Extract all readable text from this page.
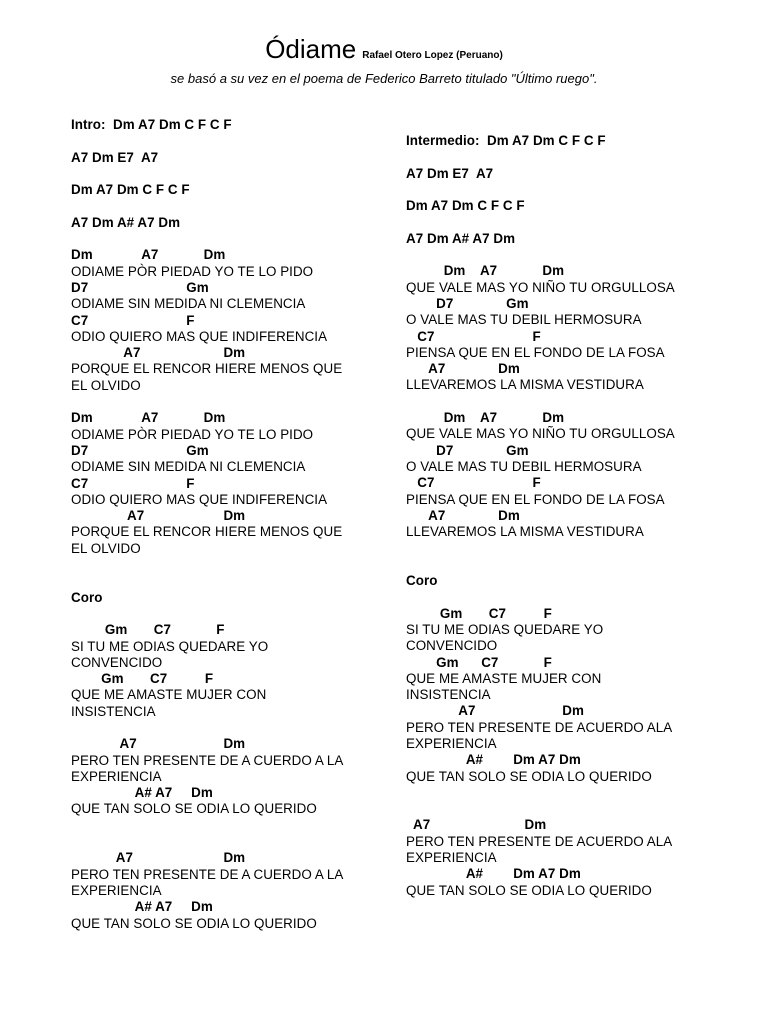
Ódiame Rafael Otero Lopez (Peruano)
se basó a su vez en el poema de Federico Barreto titulado "Último ruego".
Intro:  Dm A7 Dm C F C F
A7 Dm E7  A7
Dm A7 Dm C F C F
A7 Dm A# A7 Dm
Dm             A7            Dm
ODIAME PÒR PIEDAD YO TE LO PIDO
D7                          Gm
ODIAME SIN MEDIDA NI CLEMENCIA
C7                          F
ODIO QUIERO MAS QUE INDIFERENCIA
A7                      Dm
PORQUE EL RENCOR HIERE MENOS QUE
EL OLVIDO
Dm             A7            Dm
ODIAME PÒR PIEDAD YO TE LO PIDO
D7                          Gm
ODIAME SIN MEDIDA NI CLEMENCIA
C7                          F
ODIO QUIERO MAS QUE INDIFERENCIA
A7                     Dm
PORQUE EL RENCOR HIERE MENOS QUE
EL OLVIDO
Coro
Gm       C7            F
SI TU ME ODIAS QUEDARE YO
CONVENCIDO
Gm       C7          F
QUE ME AMASTE MUJER CON
INSISTENCIA
A7                       Dm
PERO TEN PRESENTE DE A CUERDO A LA
EXPERIENCIA
A# A7     Dm
QUE TAN SOLO SE ODIA LO QUERIDO
A7                        Dm
PERO TEN PRESENTE DE A CUERDO A LA
EXPERIENCIA
A# A7     Dm
QUE TAN SOLO SE ODIA LO QUERIDO
Intermedio:  Dm A7 Dm C F C F
A7 Dm E7  A7
Dm A7 Dm C F C F
A7 Dm A# A7 Dm
Dm    A7            Dm
QUE VALE MAS YO NIÑO TU ORGULLOSA
D7              Gm
O VALE MAS TU DEBIL HERMOSURA
C7                          F
PIENSA QUE EN EL FONDO DE LA FOSA
A7              Dm
LLEVAREMOS LA MISMA VESTIDURA
Dm    A7            Dm
QUE VALE MAS YO NIÑO TU ORGULLOSA
D7              Gm
O VALE MAS TU DEBIL HERMOSURA
C7                          F
PIENSA QUE EN EL FONDO DE LA FOSA
A7              Dm
LLEVAREMOS LA MISMA VESTIDURA
Coro
Gm       C7          F
SI TU ME ODIAS QUEDARE YO
CONVENCIDO
Gm      C7            F
QUE ME AMASTE MUJER CON
INSISTENCIA
A7                       Dm
PERO TEN PRESENTE DE ACUERDO ALA
EXPERIENCIA
A#        Dm A7 Dm
QUE TAN SOLO SE ODIA LO QUERIDO
A7                         Dm
PERO TEN PRESENTE DE ACUERDO ALA
EXPERIENCIA
A#        Dm A7 Dm
QUE TAN SOLO SE ODIA LO QUERIDO
